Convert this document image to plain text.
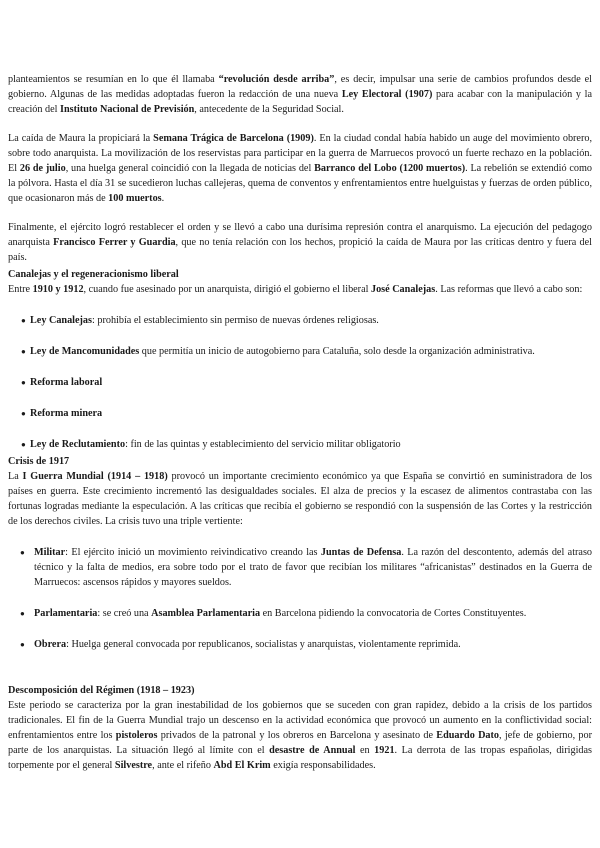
planteamientos se resumían en lo que él llamaba “revolución desde arriba”, es decir, impulsar una serie de cambios profundos desde el gobierno. Algunas de las medidas adoptadas fueron la redacción de una nueva Ley Electoral (1907) para acabar con la manipulación y la creación del Instituto Nacional de Previsión, antecedente de la Seguridad Social.

La caída de Maura la propiciará la Semana Trágica de Barcelona (1909). En la ciudad condal había habido un auge del movimiento obrero, sobre todo anarquista. La movilización de los reservistas para participar en la guerra de Marruecos provocó un fuerte rechazo en la población. El 26 de julio, una huelga general coincidió con la llegada de noticias del Barranco del Lobo (1200 muertos). La rebelión se extendió como la pólvora. Hasta el día 31 se sucedieron luchas callejeras, quema de conventos y enfrentamientos entre huelguistas y fuerzas de orden público, que ocasionaron más de 100 muertos.

Finalmente, el ejército logró restablecer el orden y se llevó a cabo una durísima represión contra el anarquismo. La ejecución del pedagogo anarquista Francisco Ferrer y Guardia, que no tenía relación con los hechos, propició la caída de Maura por las críticas dentro y fuera del país.

Canalejas y el regeneracionismo liberal

Entre 1910 y 1912, cuando fue asesinado por un anarquista, dirigió el gobierno el liberal José Canalejas. Las reformas que llevó a cabo son:

● Ley Canalejas: prohibía el establecimiento sin permiso de nuevas órdenes religiosas.

● Ley de Mancomunidades que permitía un inicio de autogobierno para Cataluña, solo desde la organización administrativa.

● Reforma laboral

● Reforma minera

● Ley de Reclutamiento: fin de las quintas y establecimiento del servicio militar obligatorio

Crisis de 1917

La I Guerra Mundial (1914 – 1918) provocó un importante crecimiento económico ya que España se convirtió en suministradora de los países en guerra. Este crecimiento incrementó las desigualdades sociales. El alza de precios y la escasez de alimentos contrastaba con las fortunas logradas mediante la especulación. A las críticas que recibía el gobierno se respondió con la suspensión de las Cortes y la restricción de los derechos civiles. La crisis tuvo una triple vertiente:

● Militar: El ejército inició un movimiento reivindicativo creando las Juntas de Defensa. La razón del descontento, además del atraso técnico y la falta de medios, era sobre todo por el trato de favor que recibían los militares “africanistas” destinados en la Guerra de Marruecos: ascensos rápidos y mayores sueldos.

● Parlamentaria: se creó una Asamblea Parlamentaria en Barcelona pidiendo la convocatoria de Cortes Constituyentes.

● Obrera: Huelga general convocada por republicanos, socialistas y anarquistas, violentamente reprimida.

Descomposición del Régimen (1918 – 1923)

Este periodo se caracteriza por la gran inestabilidad de los gobiernos que se suceden con gran rapidez, debido a la crisis de los partidos tradicionales. El fin de la Guerra Mundial trajo un descenso en la actividad económica que provocó un aumento en la conflictividad social: enfrentamientos entre los pistoleros privados de la patronal y los obreros en Barcelona y asesinato de Eduardo Dato, jefe de gobierno, por parte de los anarquistas. La situación llegó al límite con el desastre de Annual en 1921. La derrota de las tropas españolas, dirigidas torpemente por el general Silvestre, ante el rifeño Abd El Krim exigía responsabilidades.
